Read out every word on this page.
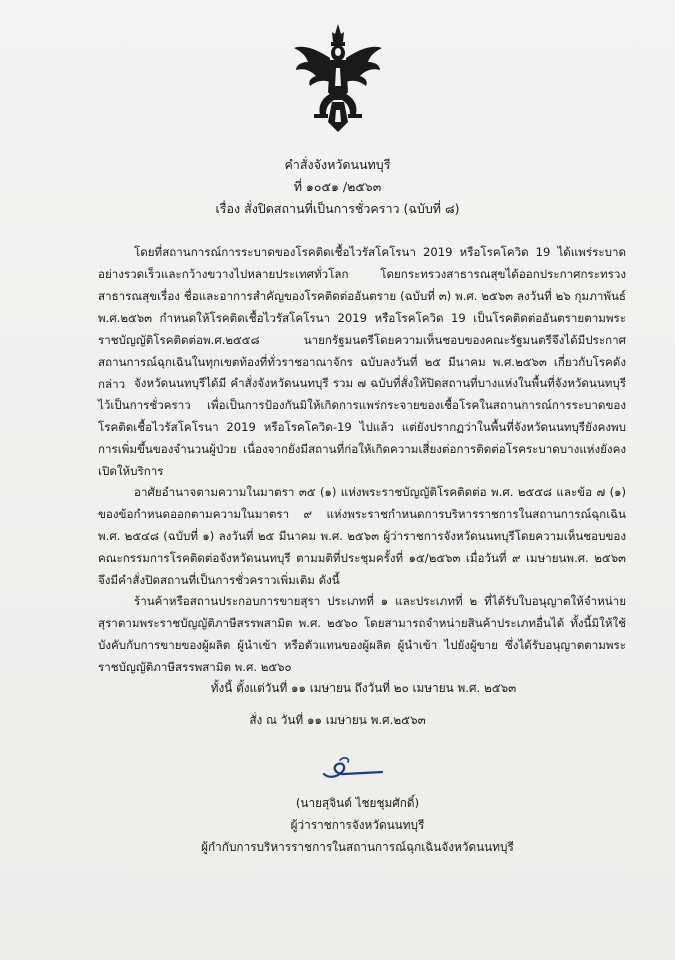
คำสั่งจังหวัดนนทบุรี
ที่ ๑๐๕๑ /๒๕๖๓
เรื่อง สั่งปิดสถานที่เป็นการชั่วคราว (ฉบับที่ ๘)

โดยที่สถานการณ์การระบาดของโรคติดเชื้อไวรัสโคโรนา 2019 หรือโรคโควิด 19 ได้แพร่ระบาดอย่างรวดเร็วและกว้างขวางไปหลายประเทศทั่วโลก โดยกระทรวงสาธารณสุขได้ออกประกาศกระทรวงสาธารณสุขเรื่อง ชื่อและอาการสำคัญของโรคติดต่ออันตราย (ฉบับที่ ๓) พ.ศ. ๒๕๖๓ ลงวันที่ ๒๖ กุมภาพันธ์ พ.ศ.๒๕๖๓ กำหนดให้โรคติดเชื้อไวรัสโคโรนา 2019 หรือโรคโควิด 19 เป็นโรคติดต่ออันตรายตามพระราชบัญญัติโรคติดต่อพ.ศ.๒๕๕๘ นายกรัฐมนตรีโดยความเห็นชอบของคณะรัฐมนตรีจึงได้มีประกาศสถานการณ์ฉุกเฉินในทุกเขตท้องที่ทั่วราชอาณาจักร ฉบับลงวันที่ ๒๕ มีนาคม พ.ศ.๒๕๖๓ เกี่ยวกับโรคดังกล่าว จังหวัดนนทบุรีได้มี คำสั่งจังหวัดนนทบุรี รวม ๗ ฉบับที่สั่งให้ปิดสถานที่บางแห่งในพื้นที่จังหวัดนนทบุรี ไว้เป็นการชั่วคราว เพื่อเป็นการป้องกันมิให้เกิดการแพร่กระจายของเชื้อโรคในสถานการณ์การระบาดของโรคติดเชื้อไวรัสโคโรนา 2019 หรือโรคโควิด-19 ไปแล้ว แต่ยังปรากฏว่าในพื้นที่จังหวัดนนทบุรียังคงพบการเพิ่มขึ้นของจำนวนผู้ป่วย เนื่องจากยังมีสถานที่ก่อให้เกิดความเสี่ยงต่อการติดต่อโรคระบาดบางแห่งยังคงเปิดให้บริการ

อาศัยอำนาจตามความในมาตรา ๓๕ (๑) แห่งพระราชบัญญัติโรคติดต่อ พ.ศ. ๒๕๕๘ และข้อ ๗ (๑) ของข้อกำหนดออกตามความในมาตรา ๙ แห่งพระราชกำหนดการบริหารราชการในสถานการณ์ฉุกเฉิน พ.ศ. ๒๕๔๘ (ฉบับที่ ๑) ลงวันที่ ๒๕ มีนาคม พ.ศ. ๒๕๖๓ ผู้ว่าราชการจังหวัดนนทบุรีโดยความเห็นชอบของคณะกรรมการโรคติดต่อจังหวัดนนทบุรี ตามมติที่ประชุมครั้งที่ ๑๕/๒๕๖๓ เมื่อวันที่ ๙ เมษายนพ.ศ. ๒๕๖๓ จึงมีคำสั่งปิดสถานที่เป็นการชั่วคราวเพิ่มเติม ดังนี้

ร้านค้าหรือสถานประกอบการขายสุรา ประเภทที่ ๑ และประเภทที่ ๒ ที่ได้รับใบอนุญาตให้จำหน่ายสุราตามพระราชบัญญัติภาษีสรรพสามิต พ.ศ. ๒๕๖๐ โดยสามารถจำหน่ายสินค้าประเภทอื่นได้ ทั้งนี้มิให้ใช้บังคับกับการขายของผู้ผลิต ผู้นำเข้า หรือตัวแทนของผู้ผลิต ผู้นำเข้า ไปยังผู้ขาย ซึ่งได้รับอนุญาตตามพระราชบัญญัติภาษีสรรพสามิต พ.ศ. ๒๕๖๐

ทั้งนี้ ตั้งแต่วันที่ ๑๑ เมษายน ถึงวันที่ ๒๐ เมษายน พ.ศ. ๒๕๖๓
สั่ง ณ วันที่ ๑๑ เมษายน พ.ศ.๒๕๖๓
(นายสุจินต์ ไชยชุมศักดิ์)
ผู้ว่าราชการจังหวัดนนทบุรี
ผู้กำกับการบริหารราชการในสถานการณ์ฉุกเฉินจังหวัดนนทบุรี
